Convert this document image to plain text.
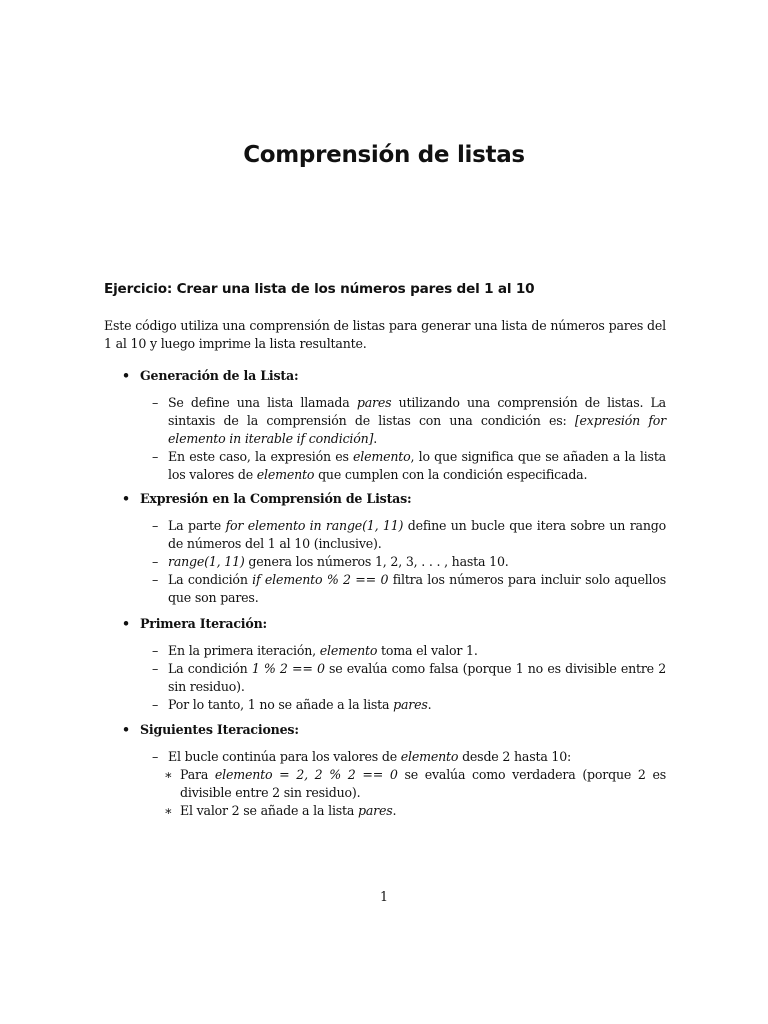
Comprensión de listas
Ejercicio: Crear una lista de los números pares del 1 al 10
Este código utiliza una comprensión de listas para generar una lista de números pares del 1 al 10 y luego imprime la lista resultante.
• Generación de la Lista:
– Se define una lista llamada pares utilizando una comprensión de listas. La sintaxis de la comprensión de listas con una condición es: [expresión for elemento in iterable if condición].
– En este caso, la expresión es elemento, lo que significa que se añaden a la lista los valores de elemento que cumplen con la condición especificada.
• Expresión en la Comprensión de Listas:
– La parte for elemento in range(1, 11) define un bucle que itera sobre un rango de números del 1 al 10 (inclusive).
– range(1, 11) genera los números 1, 2, 3, . . . , hasta 10.
– La condición if elemento % 2 == 0 filtra los números para incluir solo aquellos que son pares.
• Primera Iteración:
– En la primera iteración, elemento toma el valor 1.
– La condición 1 % 2 == 0 se evalúa como falsa (porque 1 no es divisible entre 2 sin residuo).
– Por lo tanto, 1 no se añade a la lista pares.
• Siguientes Iteraciones:
– El bucle continúa para los valores de elemento desde 2 hasta 10:
∗ Para elemento = 2, 2 % 2 == 0 se evalúa como verdadera (porque 2 es divisible entre 2 sin residuo).
∗ El valor 2 se añade a la lista pares.
1
